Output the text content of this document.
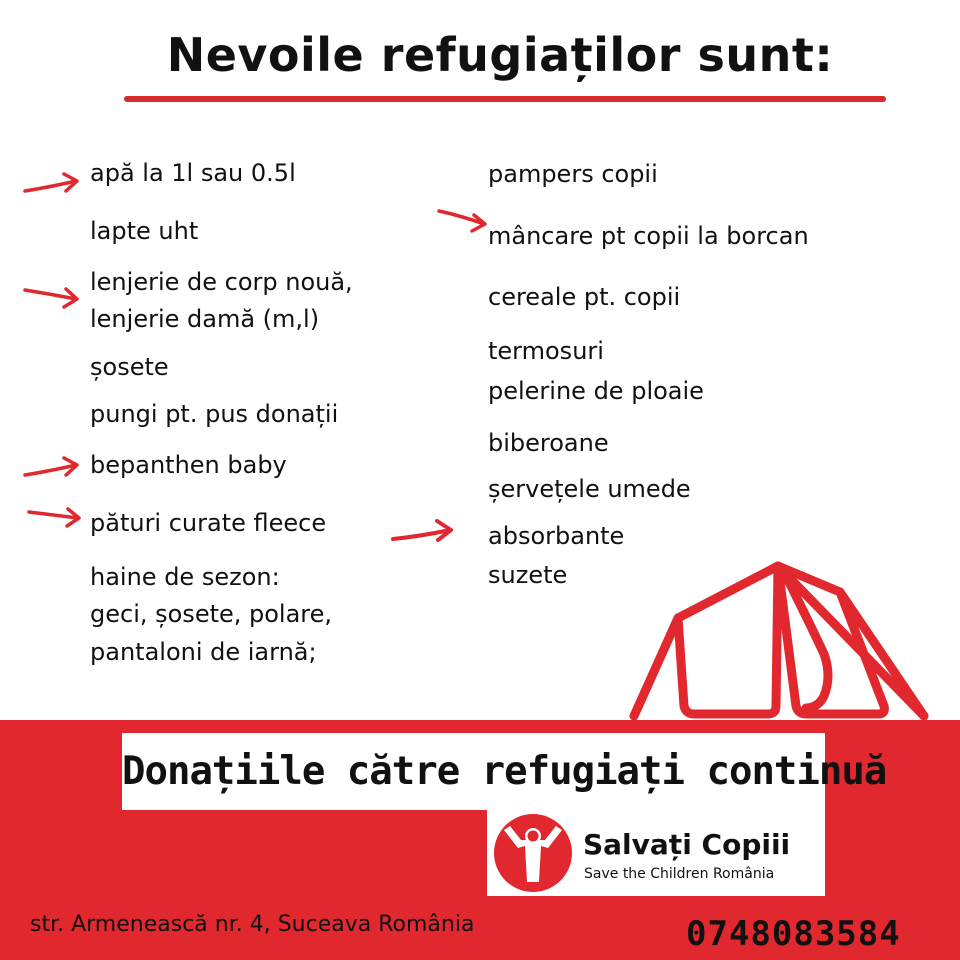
Nevoile refugiaților sunt:
apă la 1l sau 0.5l
lapte uht
lenjerie de corp nouă,
lenjerie damă (m,l)
șosete
pungi pt. pus donații
bepanthen baby
pături curate fleece
haine de sezon:
geci, șosete, polare,
pantaloni de iarnă;
pampers copii
mâncare pt copii la borcan
cereale pt. copii
termosuri
pelerine de ploaie
biberoane
șervețele umede
absorbante
suzete
Donațiile către refugiați continuă
Salvați Copiii
Save the Children România
str. Armenească nr. 4, Suceava România	0748083584
